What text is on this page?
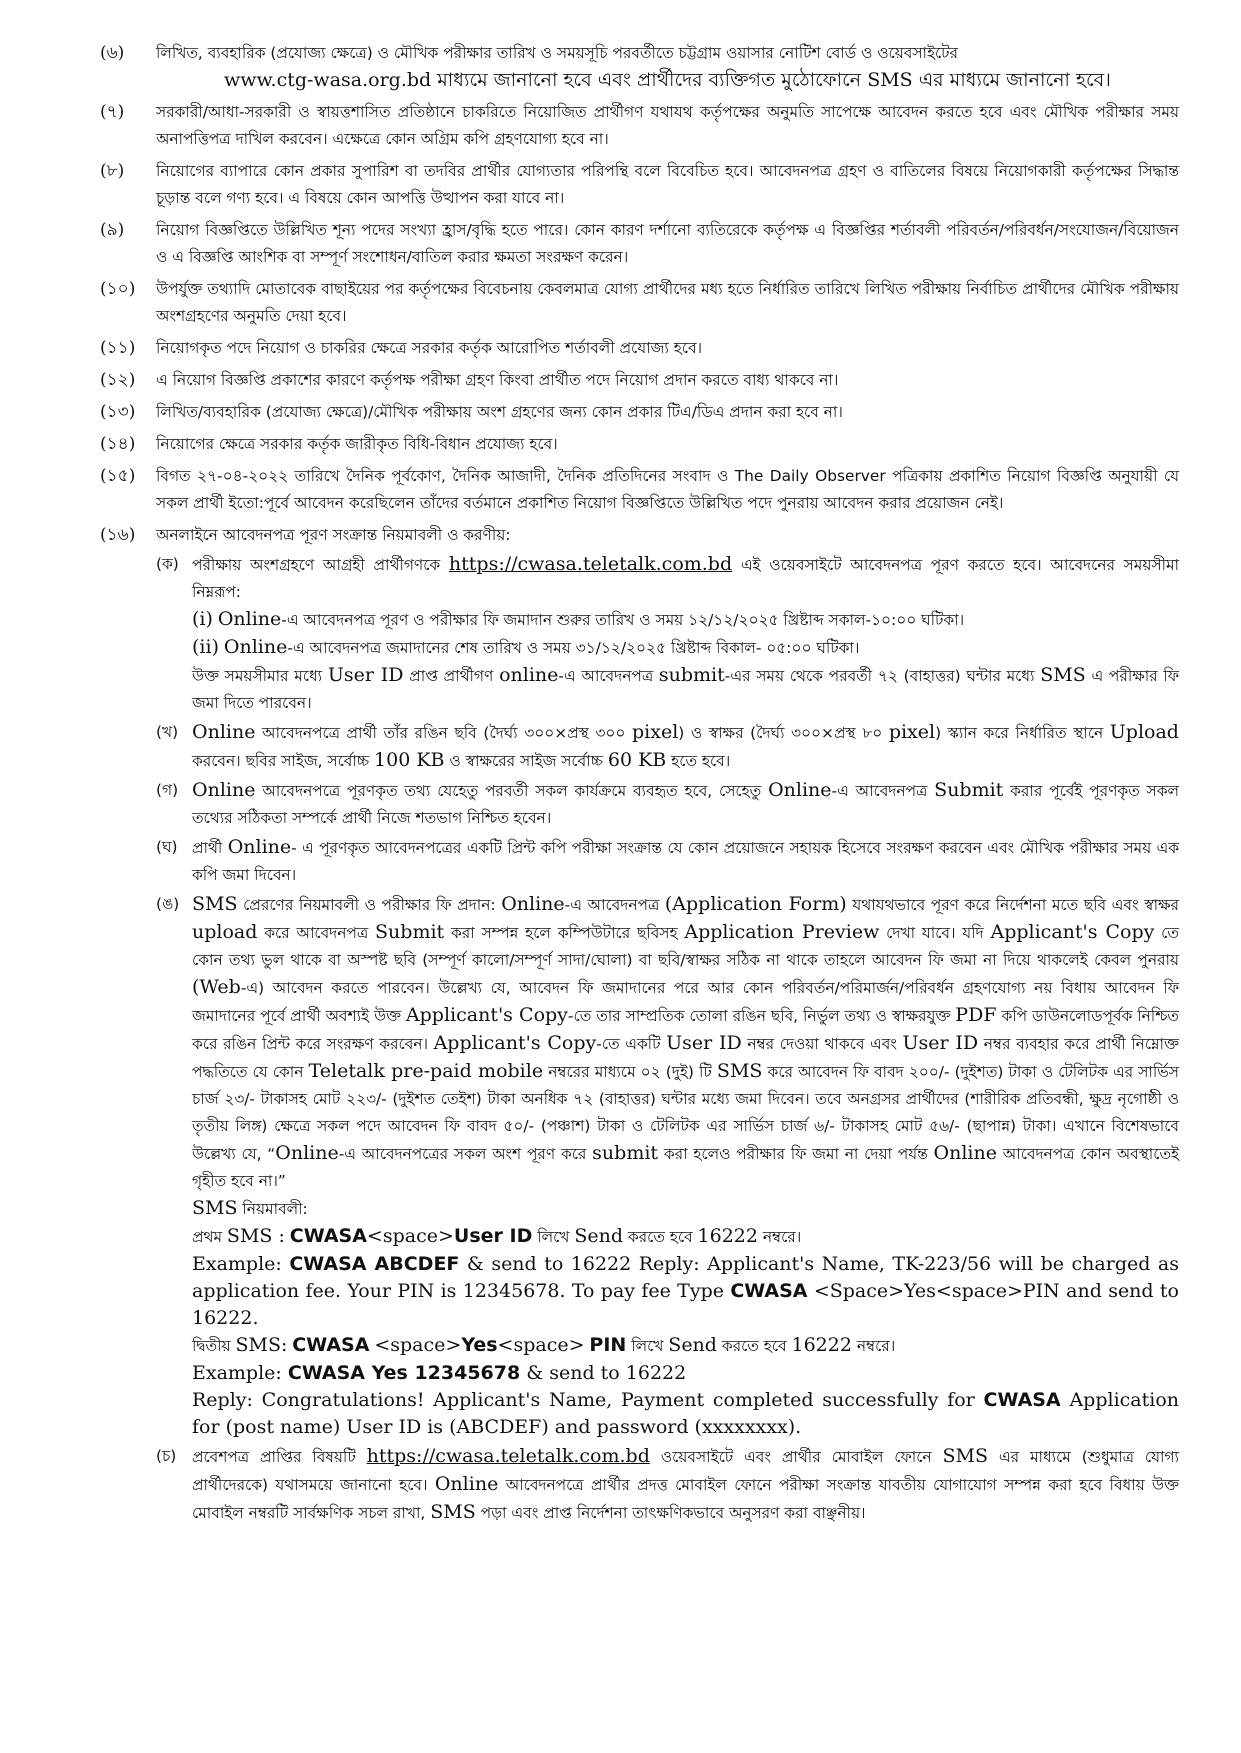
(৬)	লিখিত, ব্যবহারিক (প্রযোজ্য ক্ষেত্রে) ও মৌখিক পরীক্ষার তারিখ ও সময়সূচি পরবর্তীতে চট্টগ্রাম ওয়াসার নোটিশ বোর্ড ও ওয়েবসাইটের
www.ctg-wasa.org.bd মাধ্যমে জানানো হবে এবং প্রার্থীদের ব্যক্তিগত মুঠোফোনে SMS এর মাধ্যমে জানানো হবে।
(৭)	সরকারী/আধা-সরকারী ও স্বায়ত্তশাসিত প্রতিষ্ঠানে চাকরিতে নিয়োজিত প্রার্থীগণ যথাযথ কর্তৃপক্ষের অনুমতি সাপেক্ষে আবেদন করতে হবে এবং মৌখিক পরীক্ষার সময় অনাপত্তিপত্র দাখিল করবেন। এক্ষেত্রে কোন অগ্রিম কপি গ্রহণযোগ্য হবে না।
(৮)	নিয়োগের ব্যাপারে কোন প্রকার সুপারিশ বা তদবির প্রার্থীর যোগ্যতার পরিপন্থি বলে বিবেচিত হবে। আবেদনপত্র গ্রহণ ও বাতিলের বিষয়ে নিয়োগকারী কর্তৃপক্ষের সিদ্ধান্ত চূড়ান্ত বলে গণ্য হবে। এ বিষয়ে কোন আপত্তি উত্থাপন করা যাবে না।
(৯)	নিয়োগ বিজ্ঞপ্তিতে উল্লিখিত শূন্য পদের সংখ্যা হ্রাস/বৃদ্ধি হতে পারে। কোন কারণ দর্শানো ব্যতিরেকে কর্তৃপক্ষ এ বিজ্ঞপ্তির শর্তাবলী পরিবর্তন/পরিবর্ধন/সংযোজন/বিয়োজন ও এ বিজ্ঞপ্তি আংশিক বা সম্পূর্ণ সংশোধন/বাতিল করার ক্ষমতা সংরক্ষণ করেন।
(১০)	উপর্যুক্ত তথ্যাদি মোতাবেক বাছাইয়ের পর কর্তৃপক্ষের বিবেচনায় কেবলমাত্র যোগ্য প্রার্থীদের মধ্য হতে নির্ধারিত তারিখে লিখিত পরীক্ষায় নির্বাচিত প্রার্থীদের মৌখিক পরীক্ষায় অংশগ্রহণের অনুমতি দেয়া হবে।
(১১)	নিয়োগকৃত পদে নিয়োগ ও চাকরির ক্ষেত্রে সরকার কর্তৃক আরোপিত শর্তাবলী প্রযোজ্য হবে।
(১২)	এ নিয়োগ বিজ্ঞপ্তি প্রকাশের কারণে কর্তৃপক্ষ পরীক্ষা গ্রহণ কিংবা প্রার্থীত পদে নিয়োগ প্রদান করতে বাধ্য থাকবে না।
(১৩)	লিখিত/ব্যবহারিক (প্রযোজ্য ক্ষেত্রে)/মৌখিক পরীক্ষায় অংশ গ্রহণের জন্য কোন প্রকার টিএ/ডিএ প্রদান করা হবে না।
(১৪)	নিয়োগের ক্ষেত্রে সরকার কর্তৃক জারীকৃত বিধি-বিধান প্রযোজ্য হবে।
(১৫)	বিগত ২৭-০৪-২০২২ তারিখে দৈনিক পূর্বকোণ, দৈনিক আজাদী, দৈনিক প্রতিদিনের সংবাদ ও The Daily Observer পত্রিকায় প্রকাশিত নিয়োগ বিজ্ঞপ্তি অনুযায়ী যে সকল প্রার্থী ইতো:পূর্বে আবেদন করেছিলেন তাঁদের বর্তমানে প্রকাশিত নিয়োগ বিজ্ঞপ্তিতে উল্লিখিত পদে পুনরায় আবেদন করার প্রয়োজন নেই।
(১৬)	অনলাইনে আবেদনপত্র পূরণ সংক্রান্ত নিয়মাবলী ও করণীয়:
(ক) পরীক্ষায় অংশগ্রহণে আগ্রহী প্রার্থীগণকে https://cwasa.teletalk.com.bd এই ওয়েবসাইটে আবেদনপত্র পূরণ করতে হবে। আবেদনের সময়সীমা নিম্নরূপ:
(i) Online-এ আবেদনপত্র পূরণ ও পরীক্ষার ফি জমাদান শুরুর তারিখ ও সময় ১২/১২/২০২৫ খ্রিষ্টাব্দ সকাল-১০:০০ ঘটিকা।
(ii) Online-এ আবেদনপত্র জমাদানের শেষ তারিখ ও সময় ৩১/১২/২০২৫ খ্রিষ্টাব্দ বিকাল- ০৫:০০ ঘটিকা।
উক্ত সময়সীমার মধ্যে User ID প্রাপ্ত প্রার্থীগণ online-এ আবেদনপত্র submit-এর সময় থেকে পরবর্তী ৭২ (বাহাত্তর) ঘন্টার মধ্যে SMS এ পরীক্ষার ফি জমা দিতে পারবেন।
(খ) Online আবেদনপত্রে প্রার্থী তাঁর রঙিন ছবি (দৈর্ঘ্য ৩০০×প্রস্থ ৩০০ pixel) ও স্বাক্ষর (দৈর্ঘ্য ৩০০×প্রস্থ ৮০ pixel) স্ক্যান করে নির্ধারিত স্থানে Upload করবেন। ছবির সাইজ, সর্বোচ্চ 100 KB ও স্বাক্ষরের সাইজ সর্বোচ্চ 60 KB হতে হবে।
(গ) Online আবেদনপত্রে পূরণকৃত তথ্য যেহেতু পরবর্তী সকল কার্যক্রমে ব্যবহৃত হবে, সেহেতু Online-এ আবেদনপত্র Submit করার পূর্বেই পূরণকৃত সকল তথ্যের সঠিকতা সম্পর্কে প্রার্থী নিজে শতভাগ নিশ্চিত হবেন।
(ঘ) প্রার্থী Online- এ পূরণকৃত আবেদনপত্রের একটি প্রিন্ট কপি পরীক্ষা সংক্রান্ত যে কোন প্রয়োজনে সহায়ক হিসেবে সংরক্ষণ করবেন এবং মৌখিক পরীক্ষার সময় এক কপি জমা দিবেন।
(ঙ) SMS প্রেরণের নিয়মাবলী ও পরীক্ষার ফি প্রদান: Online-এ আবেদনপত্র (Application Form) যথাযথভাবে পূরণ করে নির্দেশনা মতে ছবি এবং স্বাক্ষর upload করে আবেদনপত্র Submit করা সম্পন্ন হলে কম্পিউটারে ছবিসহ Application Preview দেখা যাবে। যদি Applicant's Copy তে কোন তথ্য ভুল থাকে বা অস্পষ্ট ছবি (সম্পূর্ণ কালো/সম্পূর্ণ সাদা/ঘোলা) বা ছবি/স্বাক্ষর সঠিক না থাকে তাহলে আবেদন ফি জমা না দিয়ে থাকলেই কেবল পুনরায় (Web-এ) আবেদন করতে পারবেন। উল্লেখ্য যে, আবেদন ফি জমাদানের পরে আর কোন পরিবর্তন/পরিমার্জন/পরিবর্ধন গ্রহণযোগ্য নয় বিধায় আবেদন ফি জমাদানের পূর্বে প্রার্থী অবশ্যই উক্ত Applicant's Copy-তে তার সাম্প্রতিক তোলা রঙিন ছবি, নির্ভুল তথ্য ও স্বাক্ষরযুক্ত PDF কপি ডাউনলোডপূর্বক নিশ্চিত করে রঙিন প্রিন্ট করে সংরক্ষণ করবেন। Applicant's Copy-তে একটি User ID নম্বর দেওয়া থাকবে এবং User ID নম্বর ব্যবহার করে প্রার্থী নিম্নোক্ত পদ্ধতিতে যে কোন Teletalk pre-paid mobile নম্বরের মাধ্যমে ০২ (দুই) টি SMS করে আবেদন ফি বাবদ ২০০/- (দুইশত) টাকা ও টেলিটক এর সার্ভিস চার্জ ২৩/- টাকাসহ মোট ২২৩/- (দুইশত তেইশ) টাকা অনধিক ৭২ (বাহাত্তর) ঘন্টার মধ্যে জমা দিবেন। তবে অনগ্রসর প্রার্থীদের (শারীরিক প্রতিবন্ধী, ক্ষুদ্র নৃগোষ্ঠী ও তৃতীয় লিঙ্গ) ক্ষেত্রে সকল পদে আবেদন ফি বাবদ ৫০/- (পঞ্চাশ) টাকা ও টেলিটক এর সার্ভিস চার্জ ৬/- টাকাসহ মোট ৫৬/- (ছাপান্ন) টাকা। এখানে বিশেষভাবে উল্লেখ্য যে, “Online-এ আবেদনপত্রের সকল অংশ পূরণ করে submit করা হলেও পরীক্ষার ফি জমা না দেয়া পর্যন্ত Online আবেদনপত্র কোন অবস্থাতেই গৃহীত হবে না।”
SMS নিয়মাবলী:
প্রথম SMS : CWASA<space>User ID লিখে Send করতে হবে 16222 নম্বরে।
Example: CWASA ABCDEF & send to 16222 Reply: Applicant's Name, TK-223/56 will be charged as application fee. Your PIN is 12345678. To pay fee Type CWASA <Space>Yes<space>PIN and send to 16222.
দ্বিতীয় SMS: CWASA <space>Yes<space> PIN লিখে Send করতে হবে 16222 নম্বরে।
Example: CWASA Yes 12345678 & send to 16222
Reply: Congratulations! Applicant's Name, Payment completed successfully for CWASA Application for (post name) User ID is (ABCDEF) and password (xxxxxxxx).
(চ)	প্রবেশপত্র প্রাপ্তির বিষয়টি https://cwasa.teletalk.com.bd ওয়েবসাইটে এবং প্রার্থীর মোবাইল ফোনে SMS এর মাধ্যমে (শুধুমাত্র যোগ্য প্রার্থীদেরকে) যথাসময়ে জানানো হবে। Online আবেদনপত্রে প্রার্থীর প্রদত্ত মোবাইল ফোনে পরীক্ষা সংক্রান্ত যাবতীয় যোগাযোগ সম্পন্ন করা হবে বিধায় উক্ত মোবাইল নম্বরটি সার্বক্ষণিক সচল রাখা, SMS পড়া এবং প্রাপ্ত নির্দেশনা তাৎক্ষণিকভাবে অনুসরণ করা বাঞ্ছনীয়।
